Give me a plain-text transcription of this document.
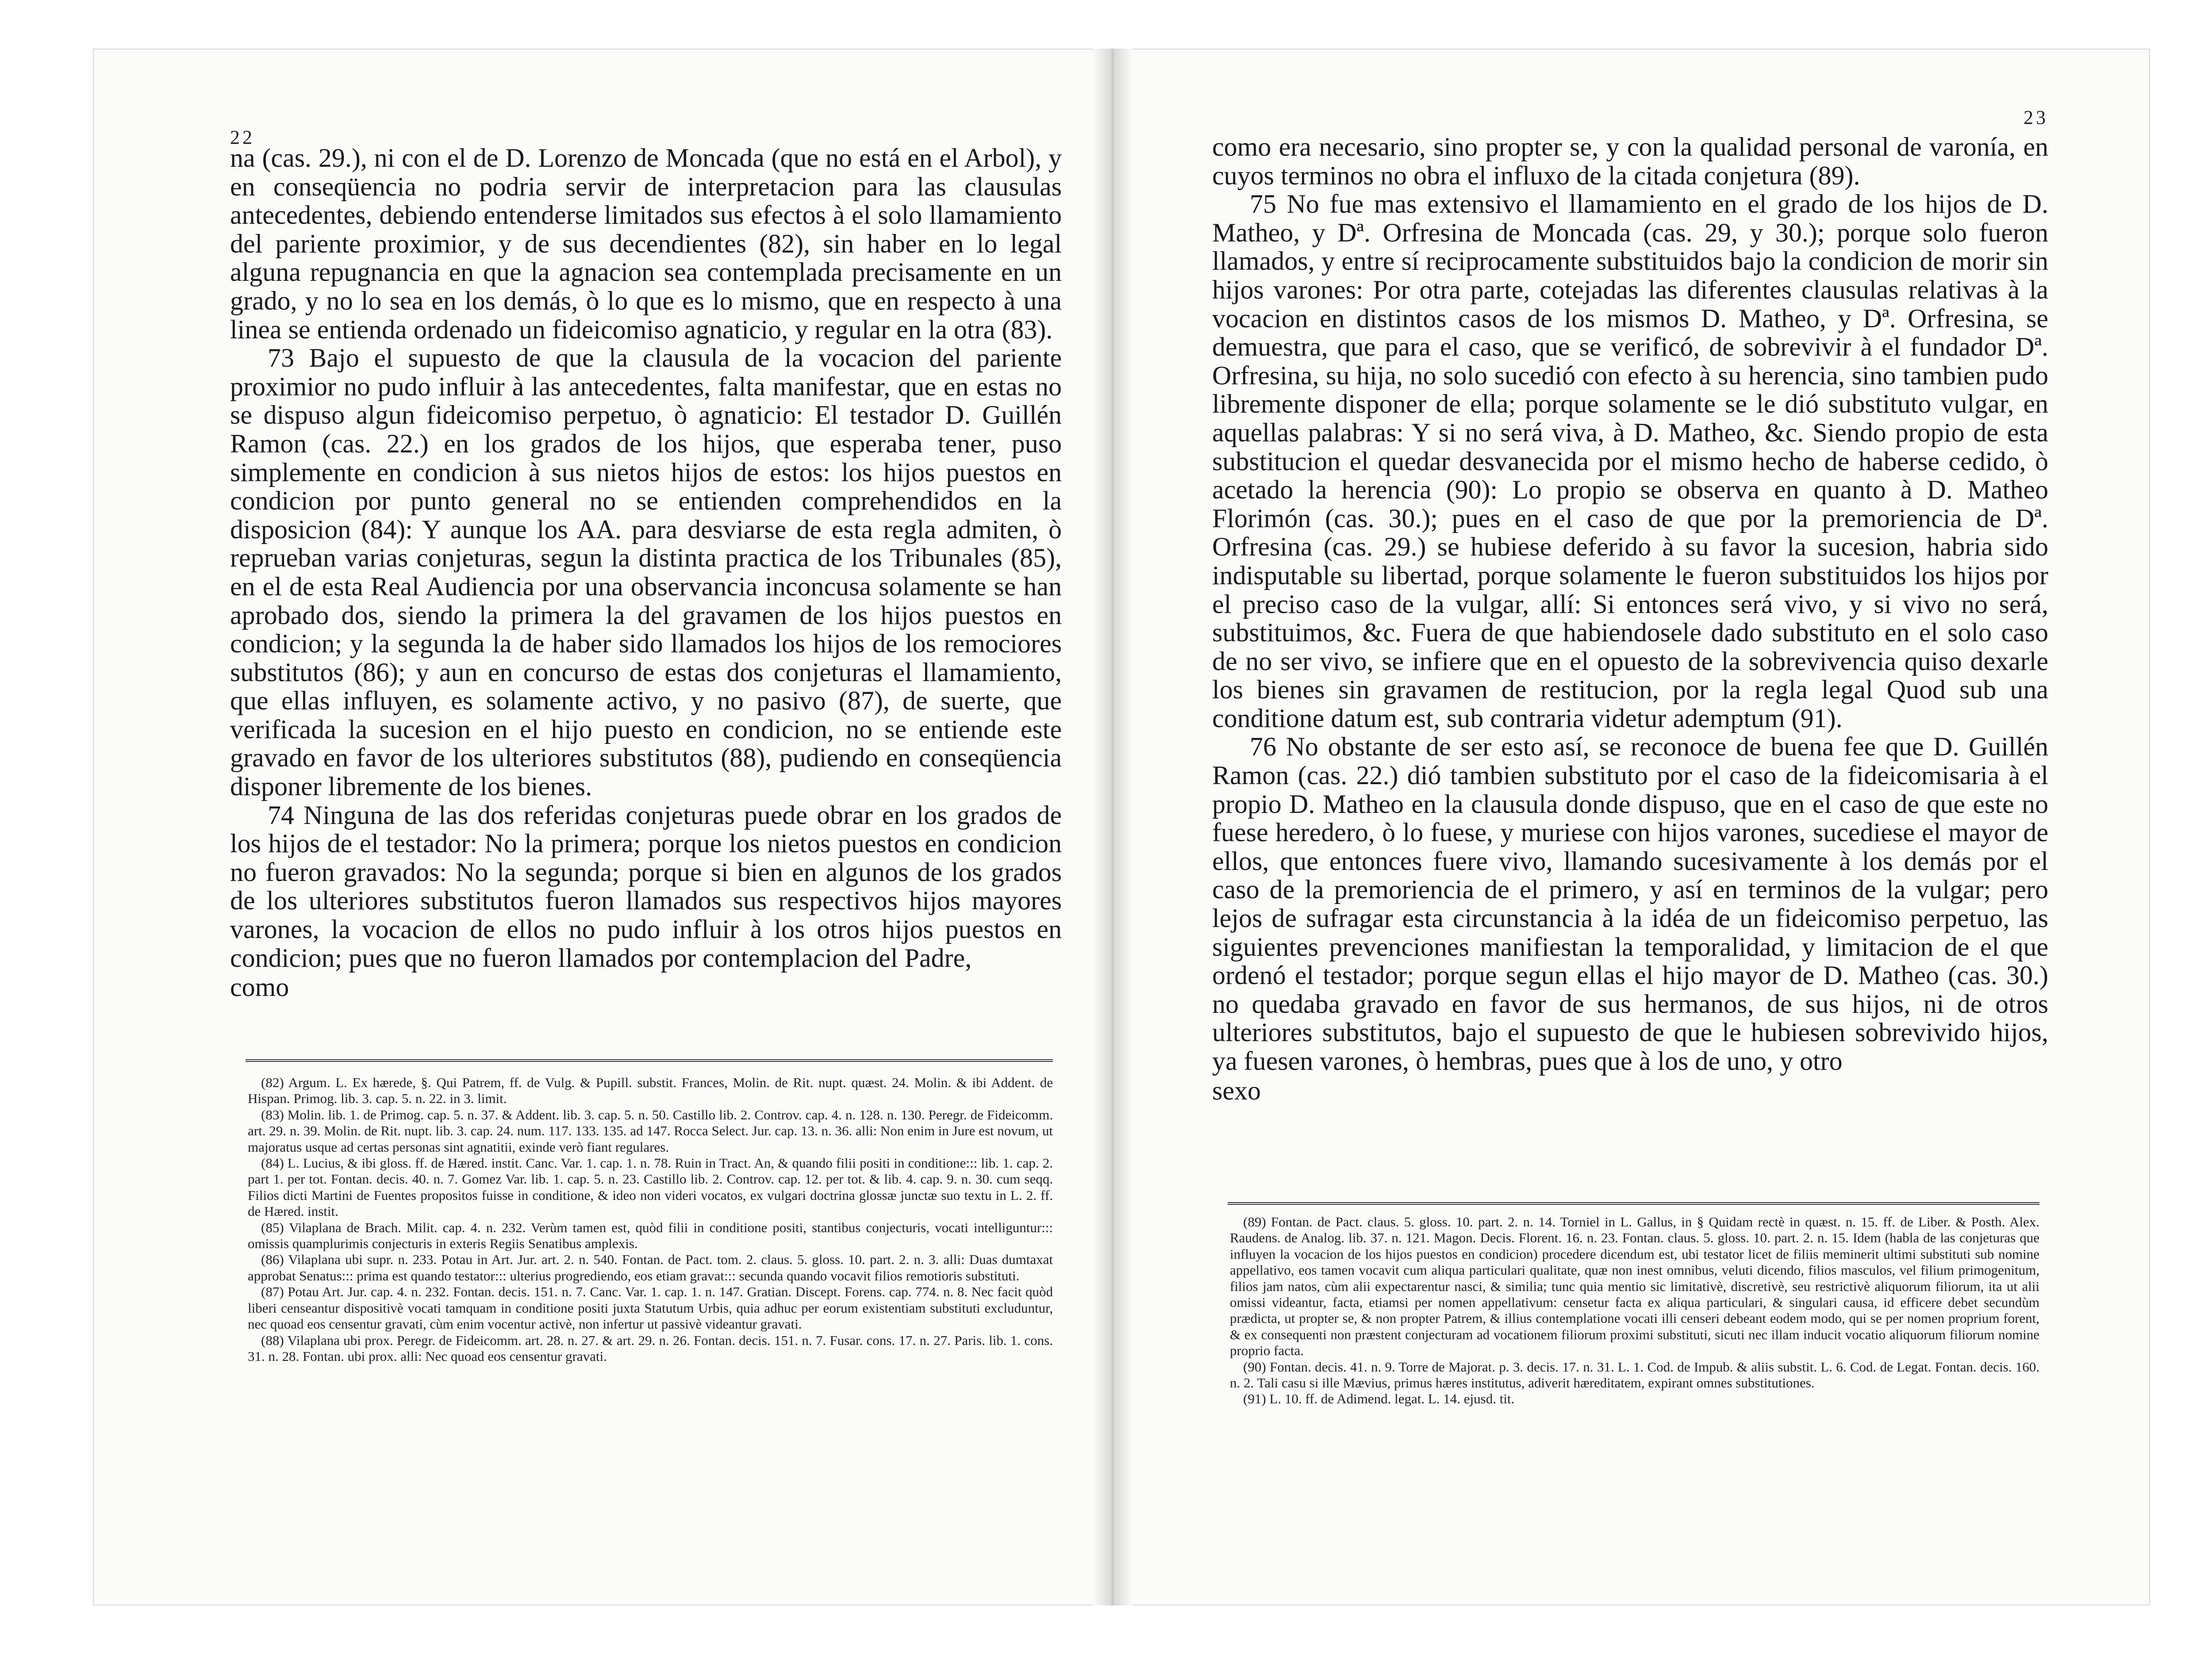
22

na (cas. 29.), ni con el de D. Lorenzo de Moncada (que no está en el Arbol), y en conseqüencia no podria servir de interpretacion para las clausulas antecedentes, debiendo entenderse limitados sus efectos à el solo llamamiento del pariente proximior, y de sus decendientes (82), sin haber en lo legal alguna repugnancia en que la agnacion sea contemplada precisamente en un grado, y no lo sea en los demás, ò lo que es lo mismo, que en respecto à una linea se entienda ordenado un fideicomiso agnaticio, y regular en la otra (83).

73 Bajo el supuesto de que la clausula de la vocacion del pariente proximior no pudo influir à las antecedentes, falta manifestar, que en estas no se dispuso algun fideicomiso perpetuo, ò agnaticio: El testador D. Guillén Ramon (cas. 22.) en los grados de los hijos, que esperaba tener, puso simplemente en condicion à sus nietos hijos de estos: los hijos puestos en condicion por punto general no se entienden comprehendidos en la disposicion (84): Y aunque los AA. para desviarse de esta regla admiten, ò reprueban varias conjeturas, segun la distinta practica de los Tribunales (85), en el de esta Real Audiencia por una observancia inconcusa solamente se han aprobado dos, siendo la primera la del gravamen de los hijos puestos en condicion; y la segunda la de haber sido llamados los hijos de los remociores substitutos (86); y aun en concurso de estas dos conjeturas el llamamiento, que ellas influyen, es solamente activo, y no pasivo (87), de suerte, que verificada la sucesion en el hijo puesto en condicion, no se entiende este gravado en favor de los ulteriores substitutos (88), pudiendo en conseqüencia disponer libremente de los bienes.

74 Ninguna de las dos referidas conjeturas puede obrar en los grados de los hijos de el testador: No la primera; porque los nietos puestos en condicion no fueron gravados: No la segunda; porque si bien en algunos de los grados de los ulteriores substitutos fueron llamados sus respectivos hijos mayores varones, la vocacion de ellos no pudo influir à los otros hijos puestos en condicion; pues que no fueron llamados por contemplacion del Padre,

como

(82) Argum. L. Ex hærede, §. Qui Patrem, ff. de Vulg. & Pupill. substit. Frances, Molin. de Rit. nupt. quæst. 24. Molin. & ibi Addent. de Hispan. Primog. lib. 3. cap. 5. n. 22. in 3. limit.

(83) Molin. lib. 1. de Primog. cap. 5. n. 37. & Addent. lib. 3. cap. 5. n. 50. Castillo lib. 2. Controv. cap. 4. n. 128. n. 130. Peregr. de Fideicomm. art. 29. n. 39. Molin. de Rit. nupt. lib. 3. cap. 24. num. 117. 133. 135. ad 147. Rocca Select. Jur. cap. 13. n. 36. alli: Non enim in Jure est novum, ut majoratus usque ad certas personas sint agnatitii, exinde verò fiant regulares.

(84) L. Lucius, & ibi gloss. ff. de Hæred. instit. Canc. Var. 1. cap. 1. n. 78. Ruin in Tract. An, & quando filii positi in conditione::: lib. 1. cap. 2. part 1. per tot. Fontan. decis. 40. n. 7. Gomez Var. lib. 1. cap. 5. n. 23. Castillo lib. 2. Controv. cap. 12. per tot. & lib. 4. cap. 9. n. 30. cum seqq. Filios dicti Martini de Fuentes propositos fuisse in conditione, & ideo non videri vocatos, ex vulgari doctrina glossæ junctæ suo textu in L. 2. ff. de Hæred. instit.

(85) Vilaplana de Brach. Milit. cap. 4. n. 232. Verùm tamen est, quòd filii in conditione positi, stantibus conjecturis, vocati intelliguntur::: omissis quamplurimis conjecturis in exteris Regiis Senatibus amplexis.

(86) Vilaplana ubi supr. n. 233. Potau in Art. Jur. art. 2. n. 540. Fontan. de Pact. tom. 2. claus. 5. gloss. 10. part. 2. n. 3. alli: Duas dumtaxat approbat Senatus::: prima est quando testator::: ulterius progrediendo, eos etiam gravat::: secunda quando vocavit filios remotioris substituti.

(87) Potau Art. Jur. cap. 4. n. 232. Fontan. decis. 151. n. 7. Canc. Var. 1. cap. 1. n. 147. Gratian. Discept. Forens. cap. 774. n. 8. Nec facit quòd liberi censeantur dispositivè vocati tamquam in conditione positi juxta Statutum Urbis, quia adhuc per eorum existentiam substituti excluduntur, nec quoad eos censentur gravati, cùm enim vocentur activè, non infertur ut passivè videantur gravati.

(88) Vilaplana ubi prox. Peregr. de Fideicomm. art. 28. n. 27. & art. 29. n. 26. Fontan. decis. 151. n. 7. Fusar. cons. 17. n. 27. Paris. lib. 1. cons. 31. n. 28. Fontan. ubi prox. alli: Nec quoad eos censentur gravati.

23

como era necesario, sino propter se, y con la qualidad personal de varonía, en cuyos terminos no obra el influxo de la citada conjetura (89).

75 No fue mas extensivo el llamamiento en el grado de los hijos de D. Matheo, y Dª. Orfresina de Moncada (cas. 29, y 30.); porque solo fueron llamados, y entre sí reciprocamente substituidos bajo la condicion de morir sin hijos varones: Por otra parte, cotejadas las diferentes clausulas relativas à la vocacion en distintos casos de los mismos D. Matheo, y Dª. Orfresina, se demuestra, que para el caso, que se verificó, de sobrevivir à el fundador Dª. Orfresina, su hija, no solo sucedió con efecto à su herencia, sino tambien pudo libremente disponer de ella; porque solamente se le dió substituto vulgar, en aquellas palabras: Y si no será viva, à D. Matheo, &c. Siendo propio de esta substitucion el quedar desvanecida por el mismo hecho de haberse cedido, ò acetado la herencia (90): Lo propio se observa en quanto à D. Matheo Florimón (cas. 30.); pues en el caso de que por la premoriencia de Dª. Orfresina (cas. 29.) se hubiese deferido à su favor la sucesion, habria sido indisputable su libertad, porque solamente le fueron substituidos los hijos por el preciso caso de la vulgar, allí: Si entonces será vivo, y si vivo no será, substituimos, &c. Fuera de que habiendosele dado substituto en el solo caso de no ser vivo, se infiere que en el opuesto de la sobrevivencia quiso dexarle los bienes sin gravamen de restitucion, por la regla legal Quod sub una conditione datum est, sub contraria videtur ademptum (91).

76 No obstante de ser esto así, se reconoce de buena fee que D. Guillén Ramon (cas. 22.) dió tambien substituto por el caso de la fideicomisaria à el propio D. Matheo en la clausula donde dispuso, que en el caso de que este no fuese heredero, ò lo fuese, y muriese con hijos varones, sucediese el mayor de ellos, que entonces fuere vivo, llamando sucesivamente à los demás por el caso de la premoriencia de el primero, y así en terminos de la vulgar; pero lejos de sufragar esta circunstancia à la idéa de un fideicomiso perpetuo, las siguientes prevenciones manifiestan la temporalidad, y limitacion de el que ordenó el testador; porque segun ellas el hijo mayor de D. Matheo (cas. 30.) no quedaba gravado en favor de sus hermanos, de sus hijos, ni de otros ulteriores substitutos, bajo el supuesto de que le hubiesen sobrevivido hijos, ya fuesen varones, ò hembras, pues que à los de uno, y otro

sexo

(89) Fontan. de Pact. claus. 5. gloss. 10. part. 2. n. 14. Torniel in L. Gallus, in § Quidam rectè in quæst. n. 15. ff. de Liber. & Posth. Alex. Raudens. de Analog. lib. 37. n. 121. Magon. Decis. Florent. 16. n. 23. Fontan. claus. 5. gloss. 10. part. 2. n. 15. Idem (habla de las conjeturas que influyen la vocacion de los hijos puestos en condicion) procedere dicendum est, ubi testator licet de filiis meminerit ultimi substituti sub nomine appellativo, eos tamen vocavit cum aliqua particulari qualitate, quæ non inest omnibus, veluti dicendo, filios masculos, vel filium primogenitum, filios jam natos, cùm alii expectarentur nasci, & similia; tunc quia mentio sic limitativè, discretivè, seu restrictivè aliquorum filiorum, ita ut alii omissi videantur, facta, etiamsi per nomen appellativum: censetur facta ex aliqua particulari, & singulari causa, id efficere debet secundùm prædicta, ut propter se, & non propter Patrem, & illius contemplatione vocati illi censeri debeant eodem modo, qui se per nomen proprium forent, & ex consequenti non præstent conjecturam ad vocationem filiorum proximi substituti, sicuti nec illam inducit vocatio aliquorum filiorum nomine proprio facta.

(90) Fontan. decis. 41. n. 9. Torre de Majorat. p. 3. decis. 17. n. 31. L. 1. Cod. de Impub. & aliis substit. L. 6. Cod. de Legat. Fontan. decis. 160. n. 2. Tali casu si ille Mævius, primus hæres institutus, adiverit hæreditatem, expirant omnes substitutiones.

(91) L. 10. ff. de Adimend. legat. L. 14. ejusd. tit.
